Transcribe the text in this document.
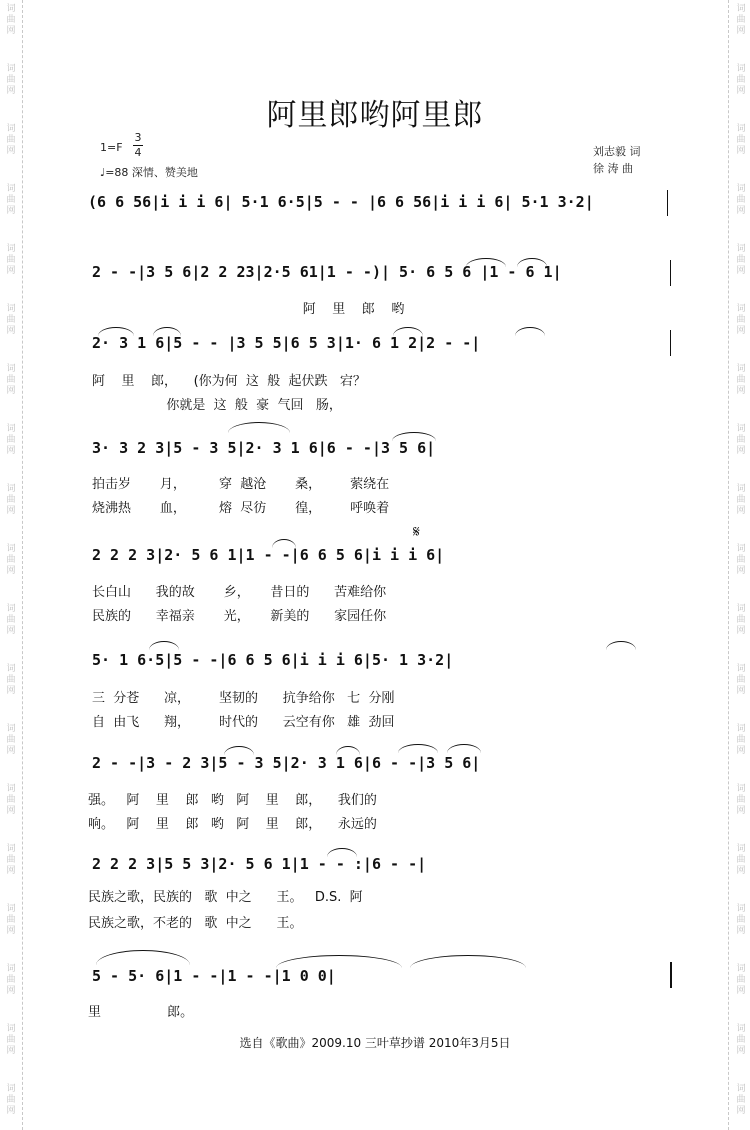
词
曲
网
词
曲
网
词
曲
网
词
曲
网
词
曲
网
词
曲
网
词
曲
网
词
曲
网
词
曲
网
词
曲
网
词
曲
网
词
曲
网
词
曲
网
词
曲
网
词
曲
网
词
曲
网
词
曲
网
词
曲
网
词
曲
网
词
曲
网
词
曲
网
词
曲
网
词
曲
网
词
曲
网
词
曲
网
词
曲
网
词
曲
网
词
曲
网
词
曲
网
词
曲
网
词
曲
网
词
曲
网
词
曲
网
词
曲
网
词
曲
网
词
曲
网
词
曲
网
词
曲
网
阿里郎哟阿里郎
1=F
3
4
♩=88 深情、赞美地
刘志毅 词
徐 涛 曲
(6 6 56|i i i 6| 5·1 6·5|5 - - |6 6 56|i i i 6| 5·1 3·2|
2 - -|3 5 6|2 2 23|2·5 61|1 - -)| 5· 6 5 6 |1 - 6 1|
阿    里    郎    哟
2· 3 1 6|5 - - |3 5 5|6 5 3|1· 6 1 2|2 - -|
阿    里    郎，    (你为何  这  般  起伏跌   宕？
你就是  这  般  豪  气回   肠，
3· 3 2 3|5 - 3 5|2· 3 1 6|6 - -|3 5 6|
拍击岁       月，        穿  越沧       桑，       萦绕在
烧沸热       血，        熔  尽彷       徨，       呼唤着
𝄋
2 2 2 3|2· 5 6 1|1 - -|6 6 5 6|i i i 6|
长白山      我的故       乡，     昔日的      苦难给你
民族的      幸福亲       光，     新美的      家园任你
5· 1 6·5|5 - -|6 6 5 6|i i i 6|5· 1 3·2|
三  分苍      凉，       坚韧的      抗争给你   七  分刚
自  由飞      翔，       时代的      云空有你   雄  劲回
2 - -|3 - 2 3|5 - 3 5|2· 3 1 6|6 - -|3 5 6|
强。   阿    里    郎   哟   阿    里    郎，    我们的
响。   阿    里    郎   哟   阿    里    郎，    永远的
2 2 2 3|5 5 3|2· 5 6 1|1 - - :|6 - -|
民族之歌，民族的   歌  中之      王。   D.S.  阿
民族之歌，不老的   歌  中之      王。
5 - 5· 6|1 - -|1 - -|1 0 0|
里                郎。
选自《歌曲》2009.10 三叶草抄谱 2010年3月5日
